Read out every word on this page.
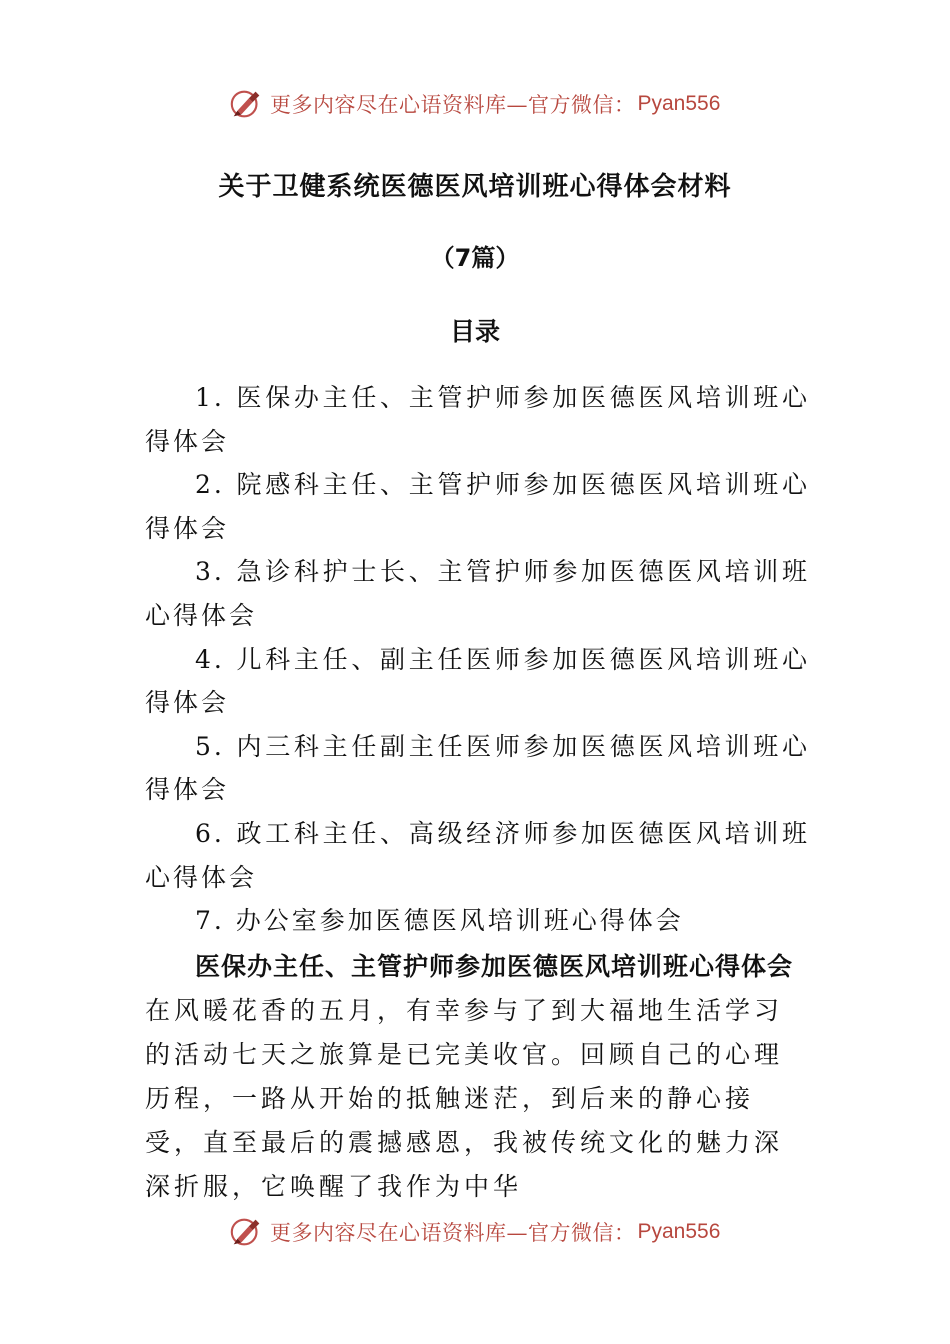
更多内容尽在心语资料库—官方微信： Pyan556
关于卫健系统医德医风培训班心得体会材料
（7篇）
目录
1. 医保办主任、主管护师参加医德医风培训班心得体会
2. 院感科主任、主管护师参加医德医风培训班心得体会
3. 急诊科护士长、主管护师参加医德医风培训班心得体会
4. 儿科主任、副主任医师参加医德医风培训班心得体会
5. 内三科主任副主任医师参加医德医风培训班心得体会
6. 政工科主任、高级经济师参加医德医风培训班心得体会
7. 办公室参加医德医风培训班心得体会
医保办主任、主管护师参加医德医风培训班心得体会

在风暖花香的五月，有幸参与了到大福地生活学习的活动七天之旅算是已完美收官。回顾自己的心理历程，一路从开始的抵触迷茫，到后来的静心接受，直至最后的震撼感恩，我被传统文化的魅力深深折服，它唤醒了我作为中华

更多内容尽在心语资料库—官方微信： Pyan556
